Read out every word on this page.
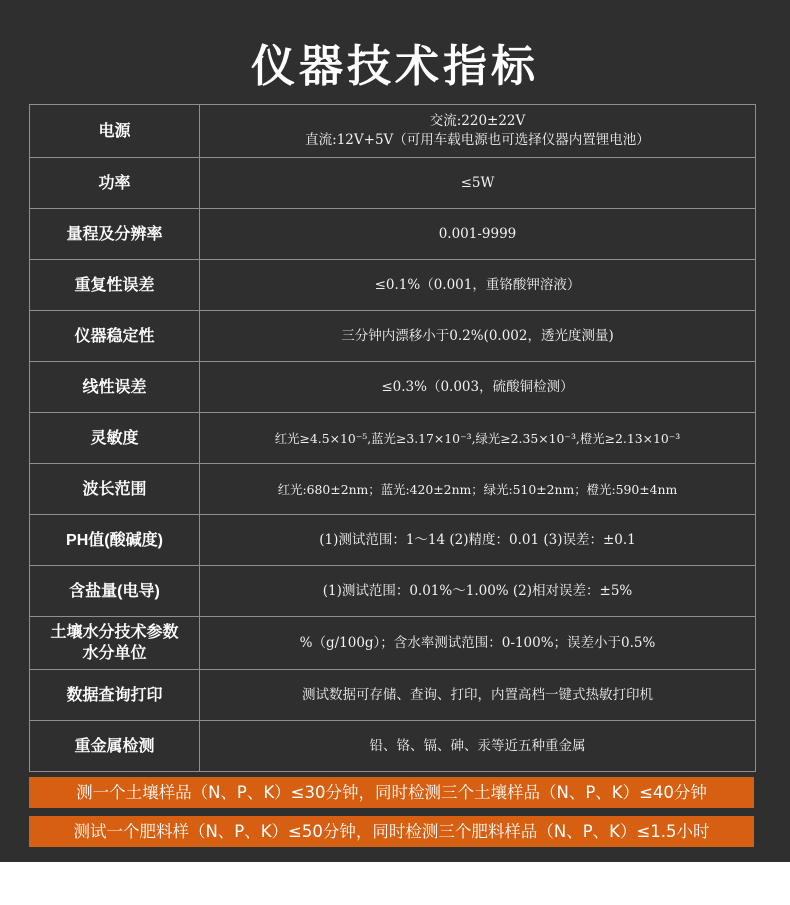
仪器技术指标
电源	交流:220±22V
直流:12V+5V（可用车载电源也可选择仪器内置锂电池）
功率	≤5W
量程及分辨率	0.001-9999
重复性误差	≤0.1%（0.001，重铬酸钾溶液）
仪器稳定性	三分钟内漂移小于0.2%(0.002，透光度测量)
线性误差	≤0.3%（0.003，硫酸铜检测）
灵敏度	红光≥4.5×10⁻⁵,蓝光≥3.17×10⁻³,绿光≥2.35×10⁻³,橙光≥2.13×10⁻³
波长范围	红光:680±2nm；蓝光:420±2nm；绿光:510±2nm；橙光:590±4nm
PH值(酸碱度)	(1)测试范围：1～14 (2)精度：0.01 (3)误差：±0.1
含盐量(电导)	(1)测试范围：0.01%～1.00% (2)相对误差：±5%
土壤水分技术参数
水分单位	%（g/100g）；含水率测试范围：0-100%；误差小于0.5%
数据查询打印	测试数据可存储、查询、打印，内置高档一键式热敏打印机
重金属检测	铅、铬、镉、砷、汞等近五种重金属
测一个土壤样品（N、P、K）≤30分钟，同时检测三个土壤样品（N、P、K）≤40分钟
测试一个肥料样（N、P、K）≤50分钟，同时检测三个肥料样品（N、P、K）≤1.5小时
